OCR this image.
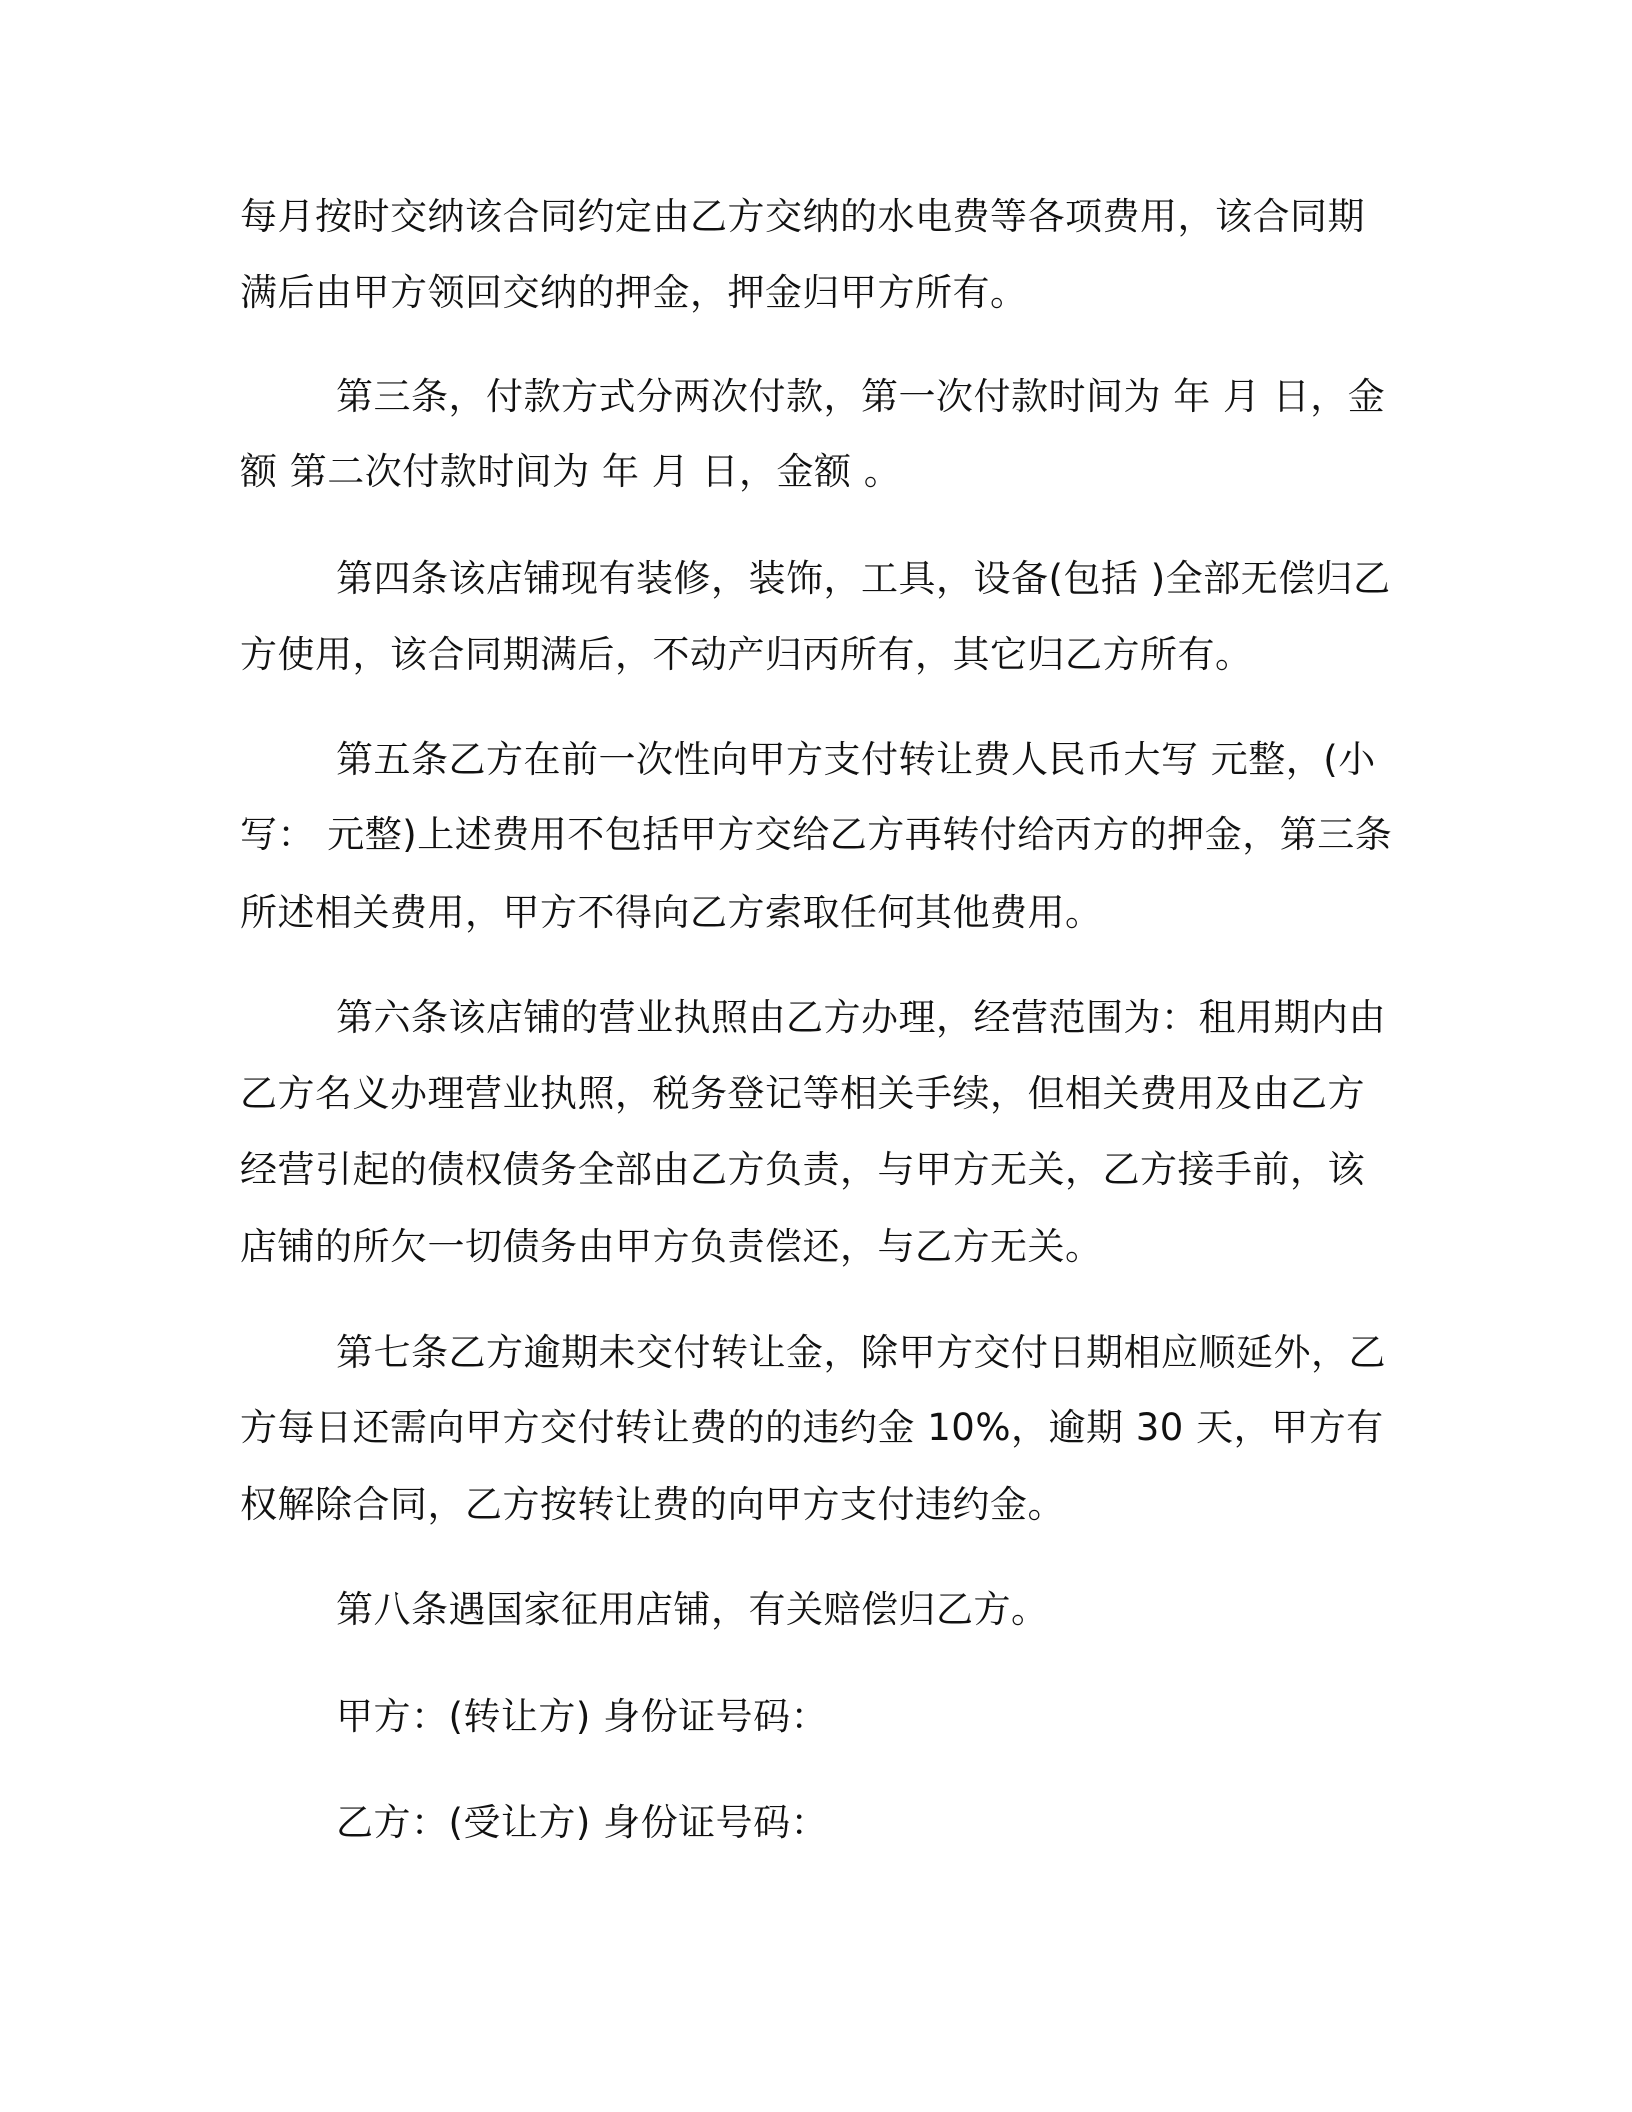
每月按时交纳该合同约定由乙方交纳的水电费等各项费用，该合同期
满后由甲方领回交纳的押金，押金归甲方所有。
第三条，付款方式分两次付款，第一次付款时间为 年 月 日，金
额 第二次付款时间为 年 月 日，金额 。
第四条该店铺现有装修，装饰，工具，设备(包括 )全部无偿归乙
方使用，该合同期满后，不动产归丙所有，其它归乙方所有。
第五条乙方在前一次性向甲方支付转让费人民币大写 元整，(小
写： 元整)上述费用不包括甲方交给乙方再转付给丙方的押金，第三条
所述相关费用，甲方不得向乙方索取任何其他费用。
第六条该店铺的营业执照由乙方办理，经营范围为：租用期内由
乙方名义办理营业执照，税务登记等相关手续，但相关费用及由乙方
经营引起的债权债务全部由乙方负责，与甲方无关，乙方接手前，该
店铺的所欠一切债务由甲方负责偿还，与乙方无关。
第七条乙方逾期未交付转让金，除甲方交付日期相应顺延外，乙
方每日还需向甲方交付转让费的的违约金 10%，逾期 30 天，甲方有
权解除合同，乙方按转让费的向甲方支付违约金。
第八条遇国家征用店铺，有关赔偿归乙方。
甲方：(转让方) 身份证号码：
乙方：(受让方) 身份证号码：
